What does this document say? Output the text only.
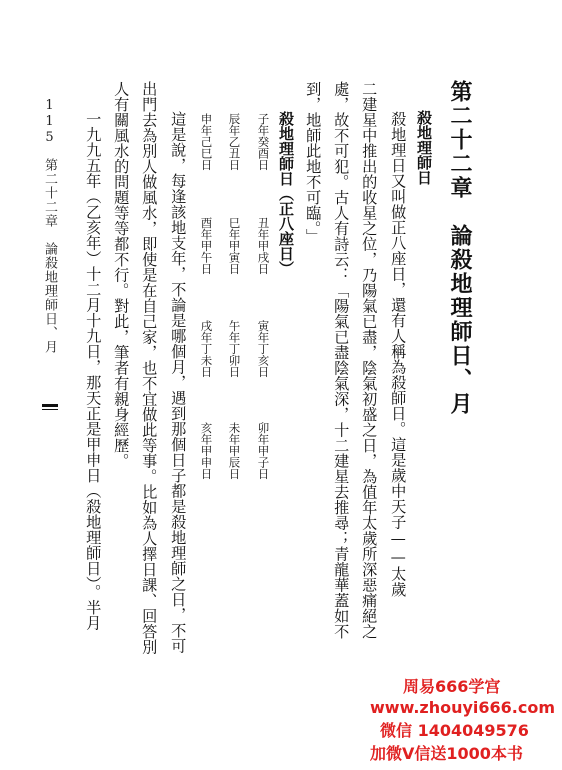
第二十二章　論殺地理師日、月
殺地理師日
殺地理日又叫做正八座日，還有人稱為殺師日。這是歲中天子——太歲
二建星中推出的收星之位，乃陽氣已盡，陰氣初盛之日，為值年太歲所深惡痛絕之
處，故不可犯。古人有詩云：「陽氣已盡陰氣深，十二建星去推尋；青龍華蓋如不
到，地師此地不可臨。」
殺地理師日（正八座日）
子年癸酉日
丑年甲戌日
寅年丁亥日
卯年甲子日
辰年乙丑日
巳年甲寅日
午年丁卯日
未年甲辰日
申年己巳日
酉年甲午日
戌年丁未日
亥年甲申日
這是說，每逢該地支年，不論是哪個月，遇到那個日子都是殺地理師之日，不可
出門去為別人做風水，即使是在自己家，也不宜做此等事。比如為人擇日課、回答別
人有關風水的問題等等都不行。對此，筆者有親身經歷。
一九九五年（乙亥年）十二月十九日，那天正是甲申日（殺地理師日）。半月
115
第二十二章　論殺地理師日、月
周易666学宫
www.zhouyi666.com
微信 1404049576
加微V信送1000本书
